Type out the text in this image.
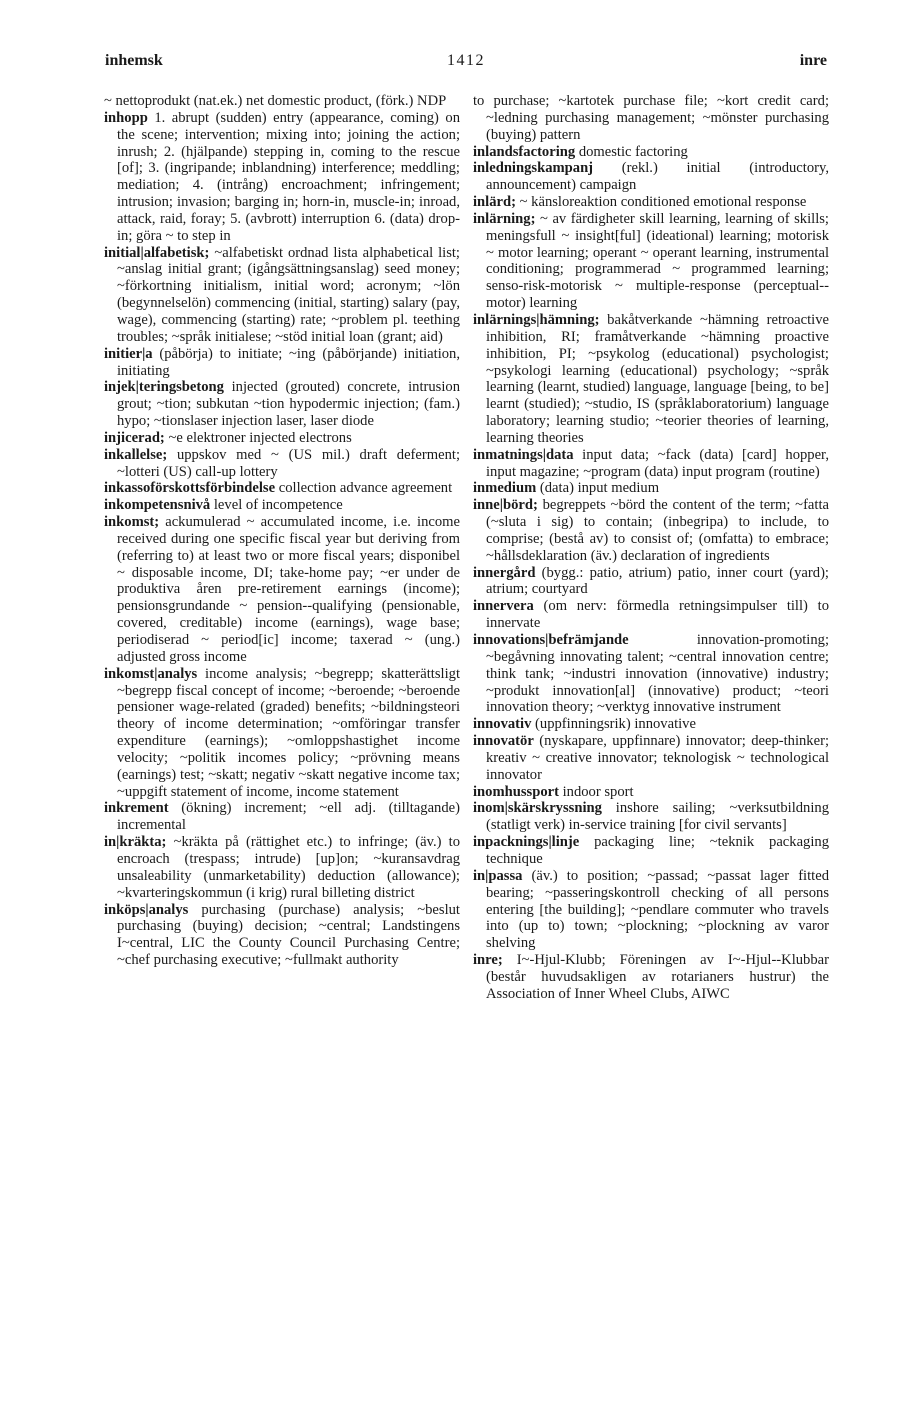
inhemsk	1412	inre

~ nettoprodukt (nat.ek.) net domestic product, (förk.) NDP

inhopp 1. abrupt (sudden) entry (appearance, coming) on the scene; intervention; mixing into; joining the action; inrush; 2. (hjälpande) stepping in, coming to the rescue [of]; 3. (ingripande; inblandning) interference; meddling; mediation; 4. (intrång) encroachment; infringement; intrusion; invasion; barging in; horn-in, muscle-in; inroad, attack, raid, foray; 5. (avbrott) interruption 6. (data) drop-in; göra ~ to step in

initial|alfabetisk; ~alfabetiskt ordnad lista alphabetical list; ~anslag initial grant; (igångsättningsanslag) seed money; ~förkortning initialism, initial word; acronym; ~lön (begynnelselön) commencing (initial, starting) salary (pay, wage), commencing (starting) rate; ~problem pl. teething troubles; ~språk initialese; ~stöd initial loan (grant; aid)

initier|a (påbörja) to initiate; ~ing (påbörjande) initiation, initiating

injek|teringsbetong injected (grouted) concrete, intrusion grout; ~tion; subkutan ~tion hypodermic injection; (fam.) hypo; ~tionslaser injection laser, laser diode

injicerad; ~e elektroner injected electrons

inkallelse; uppskov med ~ (US mil.) draft deferment; ~lotteri (US) call-up lottery

inkassoförskottsförbindelse collection advance agreement

inkompetensnivå level of incompetence

inkomst; ackumulerad ~ accumulated income, i.e. income received during one specific fiscal year but deriving from (referring to) at least two or more fiscal years; disponibel ~ disposable income, DI; take-home pay; ~er under de produktiva åren pre-retirement earnings (income); pensionsgrundande ~ pension--qualifying (pensionable, covered, creditable) income (earnings), wage base; periodiserad ~ period[ic] income; taxerad ~ (ung.) adjusted gross income

inkomst|analys income analysis; ~begrepp; skatterättsligt ~begrepp fiscal concept of income; ~beroende; ~beroende pensioner wage-related (graded) benefits; ~bildningsteori theory of income determination; ~omföringar transfer expenditure (earnings); ~omloppshastighet income velocity; ~politik incomes policy; ~prövning means (earnings) test; ~skatt; negativ ~skatt negative income tax; ~uppgift statement of income, income statement

inkrement (ökning) increment; ~ell adj. (tilltagande) incremental

in|kräkta; ~kräkta på (rättighet etc.) to infringe; (äv.) to encroach (trespass; intrude) [up]on; ~kuransavdrag unsaleability (unmarketability) deduction (allowance); ~kvarteringskommun (i krig) rural billeting district

inköps|analys purchasing (purchase) analysis; ~beslut purchasing (buying) decision; ~central; Landstingens I~central, LIC the County Council Purchasing Centre; ~chef purchasing executive; ~fullmakt authority

to purchase; ~kartotek purchase file; ~kort credit card; ~ledning purchasing management; ~mönster purchasing (buying) pattern

inlandsfactoring domestic factoring

inledningskampanj (rekl.) initial (introductory, announcement) campaign

inlärd; ~ känsloreaktion conditioned emotional response

inlärning; ~ av färdigheter skill learning, learning of skills; meningsfull ~ insight[ful] (ideational) learning; motorisk ~ motor learning; operant ~ operant learning, instrumental conditioning; programmerad ~ programmed learning; senso-risk-motorisk ~ multiple-response (perceptual--motor) learning

inlärnings|hämning; bakåtverkande ~hämning retroactive inhibition, RI; framåtverkande ~hämning proactive inhibition, PI; ~psykolog (educational) psychologist; ~psykologi learning (educational) psychology; ~språk learning (learnt, studied) language, language [being, to be] learnt (studied); ~studio, IS (språklaboratorium) language laboratory; learning studio; ~teorier theories of learning, learning theories

inmatnings|data input data; ~fack (data) [card] hopper, input magazine; ~program (data) input program (routine)

inmedium (data) input medium

inne|börd; begreppets ~börd the content of the term; ~fatta (~sluta i sig) to contain; (inbegripa) to include, to comprise; (bestå av) to consist of; (omfatta) to embrace; ~hållsdeklaration (äv.) declaration of ingredients

innergård (bygg.: patio, atrium) patio, inner court (yard); atrium; courtyard

innervera (om nerv: förmedla retningsimpulser till) to innervate

innovations|befrämjande innovation-promoting; ~begåvning innovating talent; ~central innovation centre; think tank; ~industri innovation (innovative) industry; ~produkt innovation[al] (innovative) product; ~teori innovation theory; ~verktyg innovative instrument

innovativ (uppfinningsrik) innovative

innovatör (nyskapare, uppfinnare) innovator; deep-thinker; kreativ ~ creative innovator; teknologisk ~ technological innovator

inomhussport indoor sport

inom|skärskryssning inshore sailing; ~verksutbildning (statligt verk) in-service training [for civil servants]

inpacknings|linje packaging line; ~teknik packaging technique

in|passa (äv.) to position; ~passad; ~passat lager fitted bearing; ~passeringskontroll checking of all persons entering [the building]; ~pendlare commuter who travels into (up to) town; ~plockning; ~plockning av varor shelving

inre; I~-Hjul-Klubb; Föreningen av I~-Hjul--Klubbar (består huvudsakligen av rotarianers hustrur) the Association of Inner Wheel Clubs, AIWC
